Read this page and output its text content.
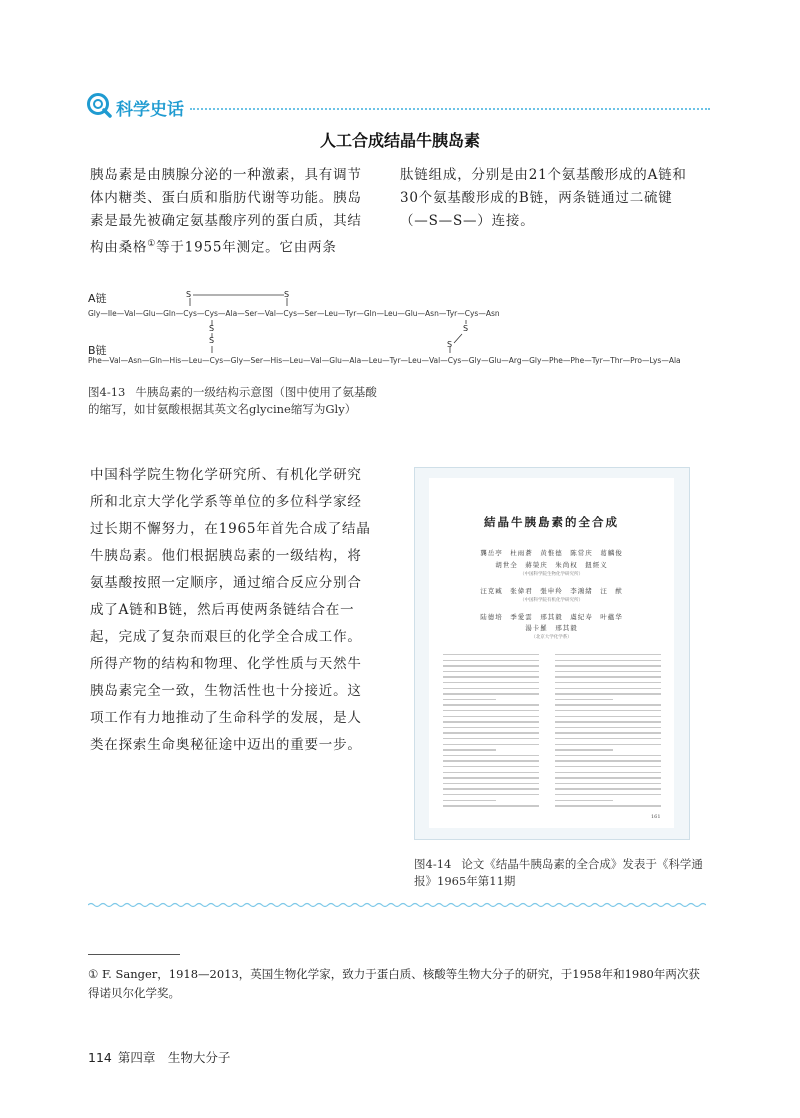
科学史话
人工合成结晶牛胰岛素
胰岛素是由胰腺分泌的一种激素，具有调节体内糖类、蛋白质和脂肪代谢等功能。胰岛素是最先被确定氨基酸序列的蛋白质，其结构由桑格①等于1955年测定。它由两条
肽链组成，分别是由21个氨基酸形成的A链和30个氨基酸形成的B链，两条链通过二硫键（—S—S—）连接。
A链
Gly—Ile—Val—Glu—Gln—Cys—Cys—Ala—Ser—Val—Cys—Ser—Leu—Tyr—Gln—Leu—Glu—Asn—Tyr—Cys—Asn
B链
Phe—Val—Asn—Gln—His—Leu—Cys—Gly—Ser—His—Leu—Val—Glu—Ala—Leu—Tyr—Leu—Val—Cys—Gly—Glu—Arg—Gly—Phe—Phe—Tyr—Thr—Pro—Lys—Ala
S	S
S
S
S
S
图4-13 牛胰岛素的一级结构示意图（图中使用了氨基酸的缩写，如甘氨酸根据其英文名glycine缩写为Gly）
中国科学院生物化学研究所、有机化学研究所和北京大学化学系等单位的多位科学家经过长期不懈努力，在1965年首先合成了结晶牛胰岛素。他们根据胰岛素的一级结构，将氨基酸按照一定顺序，通过缩合反应分别合成了A链和B链，然后再使两条链结合在一起，完成了复杂而艰巨的化学全合成工作。所得产物的结构和物理、化学性质与天然牛胰岛素完全一致，生物活性也十分接近。这项工作有力地推动了生命科学的发展，是人类在探索生命奥秘征途中迈出的重要一步。
結晶牛胰島素的全合成
龔岳亭　杜雨蒼　黄惟德　陈常庆　葛麟俊
胡世全　蔣榮庆　朱尚权　鈕經义
（中国科学院生物化学研究所）
汪克臧　张偉君　張申羚　李鴻緒　汪　猷
（中国科学院有机化学研究所）
陆德培　季愛雲　邢其毅　虞紀寿　叶蘊华
湯卡羅　邢其毅
（北京大学化学系）
161
图4-14 论文《结晶牛胰岛素的全合成》发表于《科学通报》1965年第11期
① F. Sanger，1918—2013，英国生物化学家，致力于蛋白质、核酸等生物大分子的研究，于1958年和1980年两次获得诺贝尔化学奖。
114 第四章　生物大分子
